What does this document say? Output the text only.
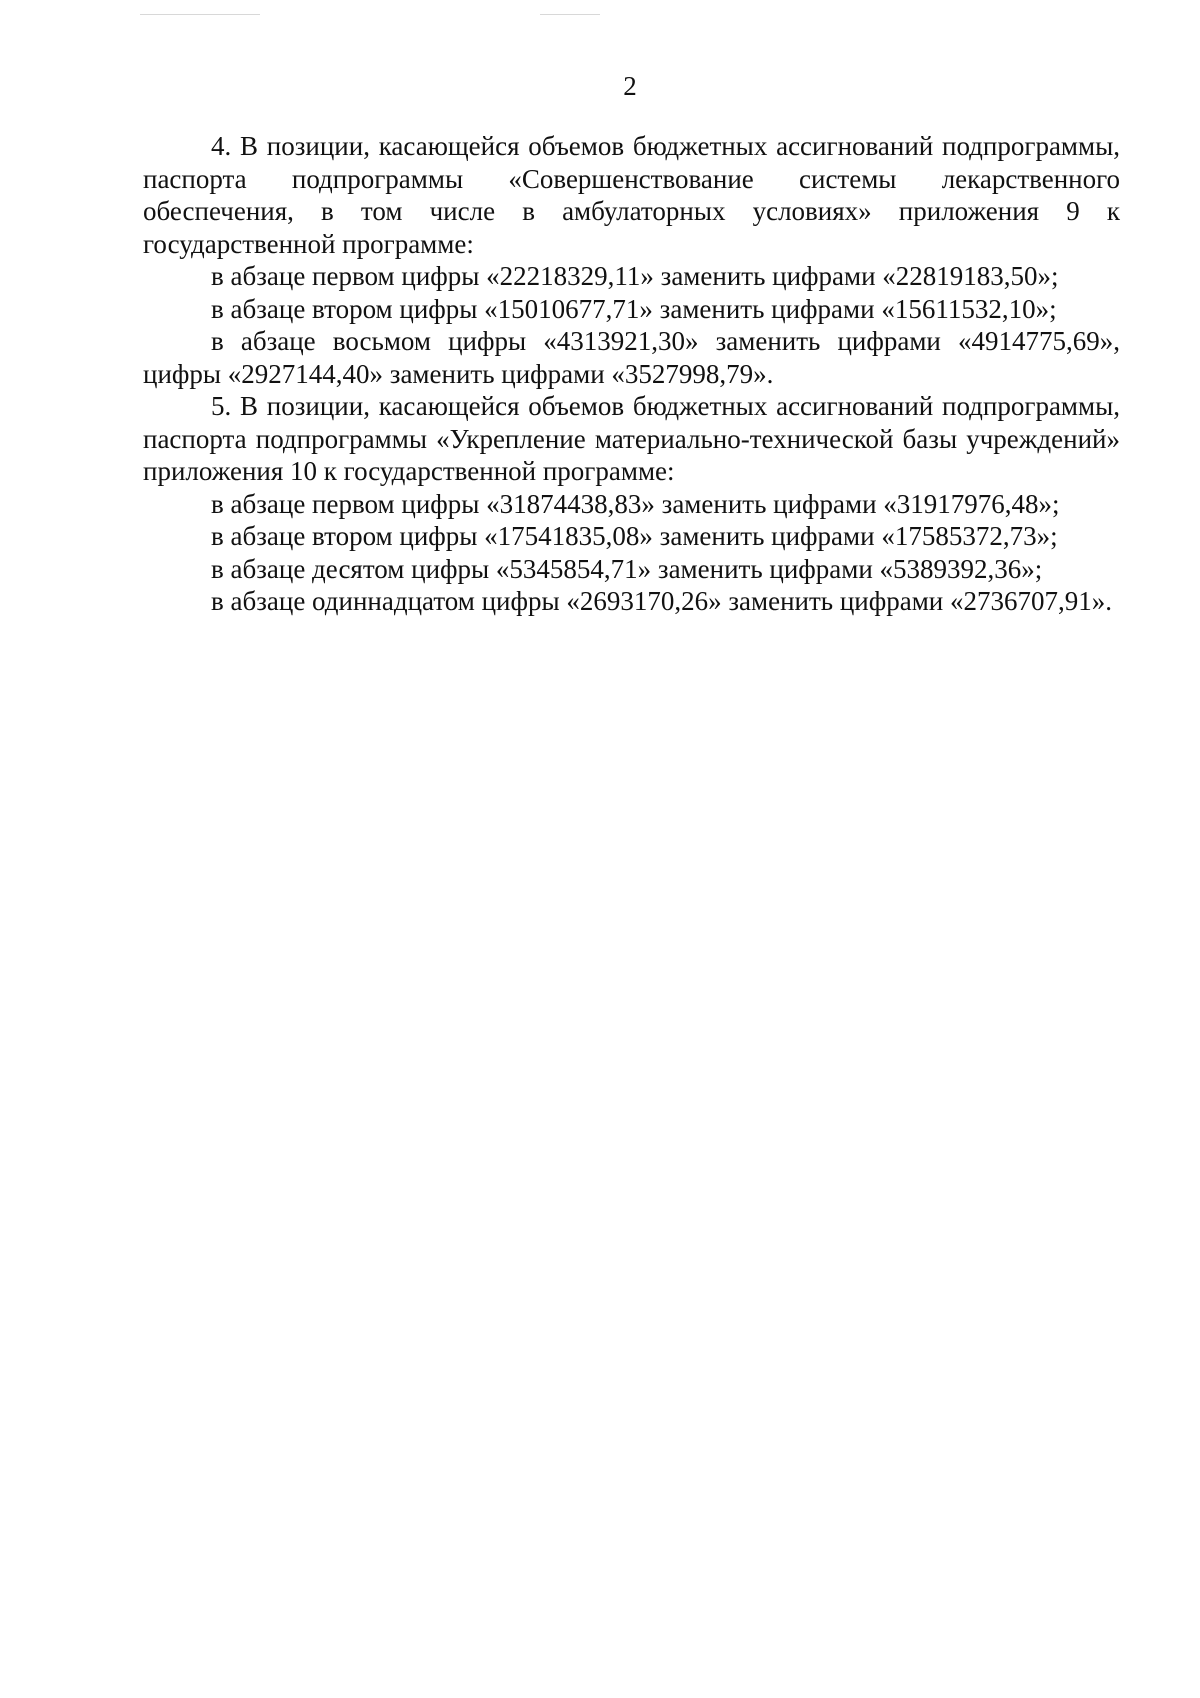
2

4. В позиции, касающейся объемов бюджетных ассигнований подпрограммы, паспорта подпрограммы «Совершенствование системы лекарственного обеспечения, в том числе в амбулаторных условиях» приложения 9 к государственной программе:

в абзаце первом цифры «22218329,11» заменить цифрами «22819183,50»;

в абзаце втором цифры «15010677,71» заменить цифрами «15611532,10»;

в абзаце восьмом цифры «4313921,30» заменить цифрами «4914775,69», цифры «2927144,40» заменить цифрами «3527998,79».

5. В позиции, касающейся объемов бюджетных ассигнований подпрограммы, паспорта подпрограммы «Укрепление материально-технической базы учреждений» приложения 10 к государственной программе:

в абзаце первом цифры «31874438,83» заменить цифрами «31917976,48»;

в абзаце втором цифры «17541835,08» заменить цифрами «17585372,73»;

в абзаце десятом цифры «5345854,71» заменить цифрами «5389392,36»;

в абзаце одиннадцатом цифры «2693170,26» заменить цифрами «2736707,91».
